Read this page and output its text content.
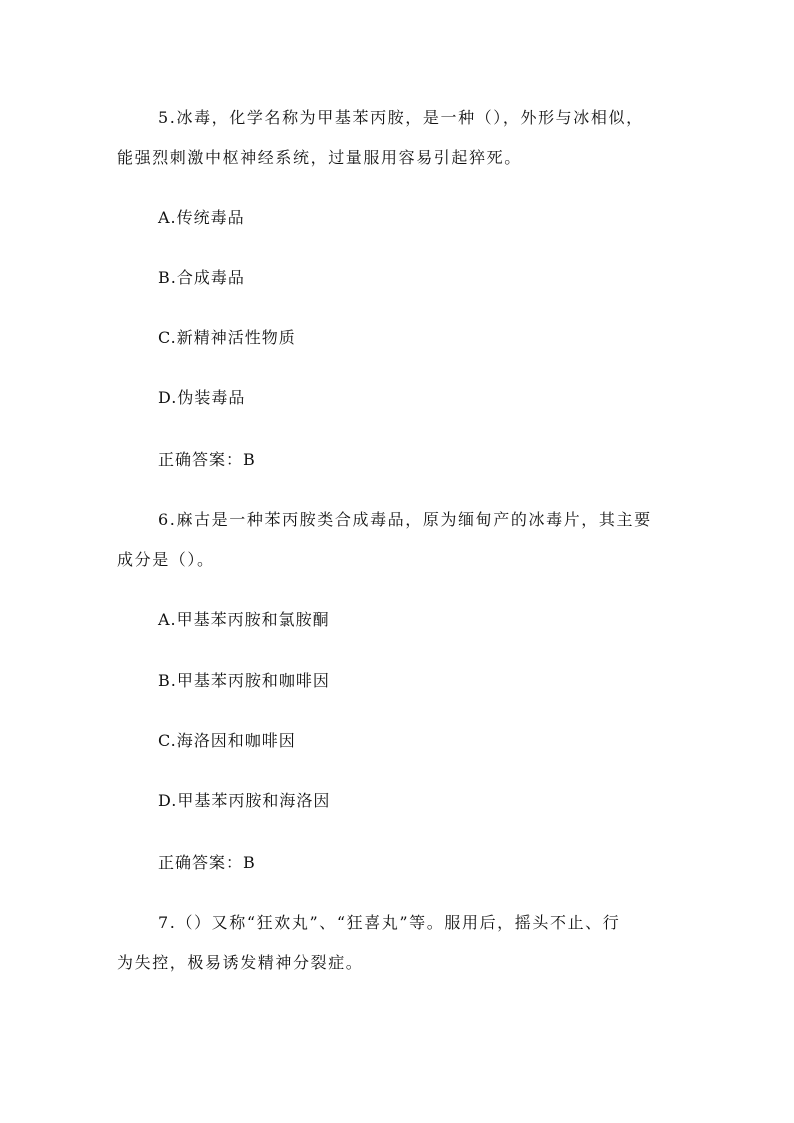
5.冰毒，化学名称为甲基苯丙胺，是一种（），外形与冰相似，
能强烈刺激中枢神经系统，过量服用容易引起猝死。
A.传统毒品
B.合成毒品
C.新精神活性物质
D.伪装毒品
正确答案：B
6.麻古是一种苯丙胺类合成毒品，原为缅甸产的冰毒片，其主要
成分是（）。
A.甲基苯丙胺和氯胺酮
B.甲基苯丙胺和咖啡因
C.海洛因和咖啡因
D.甲基苯丙胺和海洛因
正确答案：B
7.（）又称“狂欢丸”、“狂喜丸”等。服用后，摇头不止、行
为失控，极易诱发精神分裂症。
